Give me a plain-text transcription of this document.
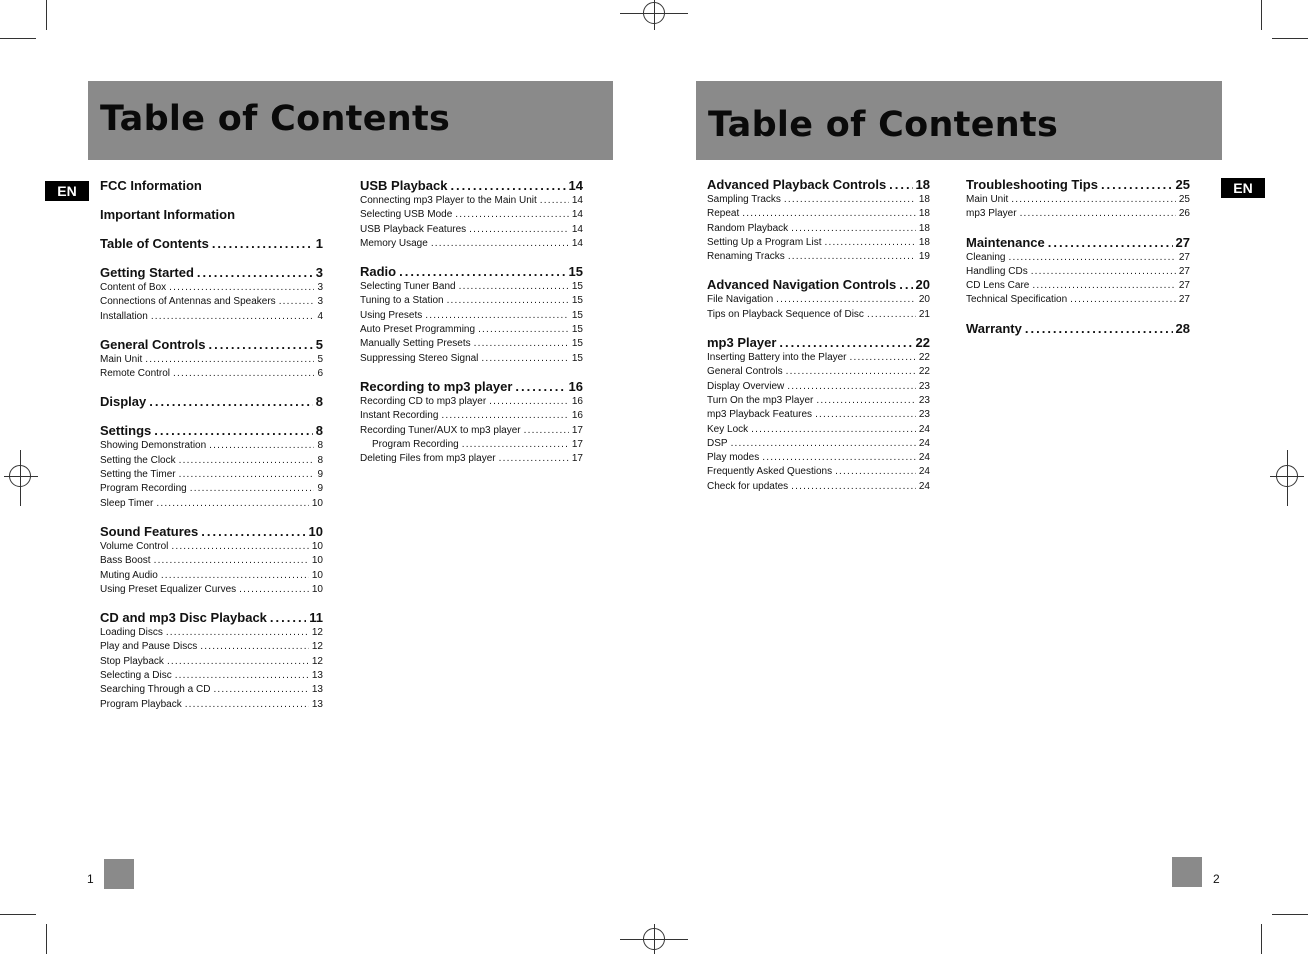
Table of Contents
EN	FCC Information
Important Information
Table of Contents .....	1
Getting Started .....	3
Content of Box .....	3
Connections of Antennas and Speakers .....	3
Installation .....	4
General Controls .....	5
Main Unit .....	5
Remote Control .....	6
Display .....	8
Settings .....	8
Showing Demonstration .....	8
Setting the Clock .....	8
Setting the Timer .....	9
Program Recording .....	9
Sleep Timer .....	10
Sound Features .....	10
Volume Control .....	10
Bass Boost .....	10
Muting Audio .....	10
Using Preset Equalizer Curves .....	10
CD and mp3 Disc Playback .....	11
Loading Discs .....	12
Play and Pause Discs .....	12
Stop Playback .....	12
Selecting a Disc .....	13
Searching Through a CD .....	13
Program Playback .....	13
USB Playback .....	14
Connecting mp3 Player to the Main Unit .....	14
Selecting USB Mode .....	14
USB Playback Features .....	14
Memory Usage .....	14
Radio .....	15
Selecting Tuner Band .....	15
Tuning to a Station .....	15
Using Presets .....	15
Auto Preset Programming .....	15
Manually Setting Presets .....	15
Suppressing Stereo Signal .....	15
Recording to mp3 player .....	16
Recording CD to mp3 player .....	16
Instant Recording .....	16
Recording Tuner/AUX to mp3 player .....	17
Program Recording .....	17
Deleting Files from mp3 player .....	17
1
Table of Contents
EN
Advanced Playback Controls ..... 18
Sampling Tracks .....	18
Repeat .....	18
Random Playback .....	18
Setting Up a Program List .....	18
Renaming Tracks .....	19
Advanced Navigation Controls ..... 20
File Navigation .....	20
Tips on Playback Sequence of Disc .....	21
mp3 Player .....	22
Inserting Battery into the Player .....	22
General Controls .....	22
Display Overview .....	23
Turn On the mp3 Player .....	23
mp3 Playback Features .....	23
Key Lock .....	24
DSP .....	24
Play modes .....	24
Frequently Asked Questions .....	24
Check for updates .....	24
Troubleshooting Tips .....	25
Main Unit .....	25
mp3 Player .....	26
Maintenance .....	27
Cleaning .....	27
Handling CDs .....	27
CD Lens Care .....	27
Technical Specification .....	27
Warranty .....	28
2
